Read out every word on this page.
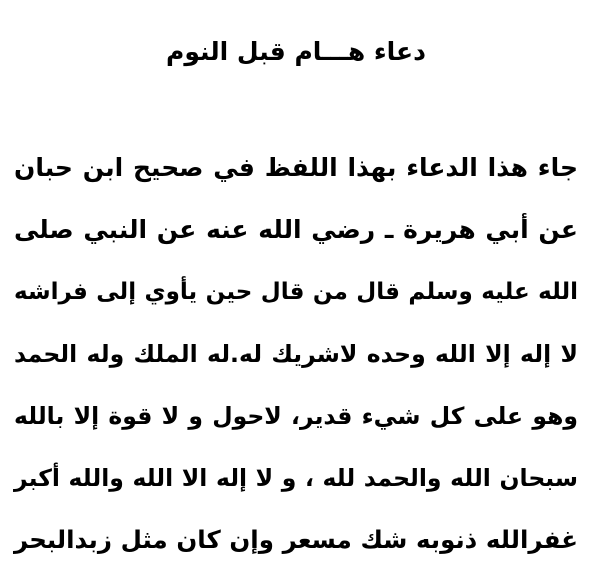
دعاء هـــام قبل النوم
جاء هذا الدعاء بهذا اللفظ في صحيح ابن حبان
عن أبي هريرة ـ رضي الله عنه عن النبي صلى
الله عليه وسلم قال من قال حين يأوي إلى فراشه
لا إله إلا الله وحده لاشريك له.له الملك وله الحمد
وهو على كل شيء قدير، لاحول و لا قوة إلا بالله
سبحان الله والحمد لله ، و لا إله الا الله والله أكبر
غفرالله ذنوبه شك مسعر وإن كان مثل زبدالبحر
